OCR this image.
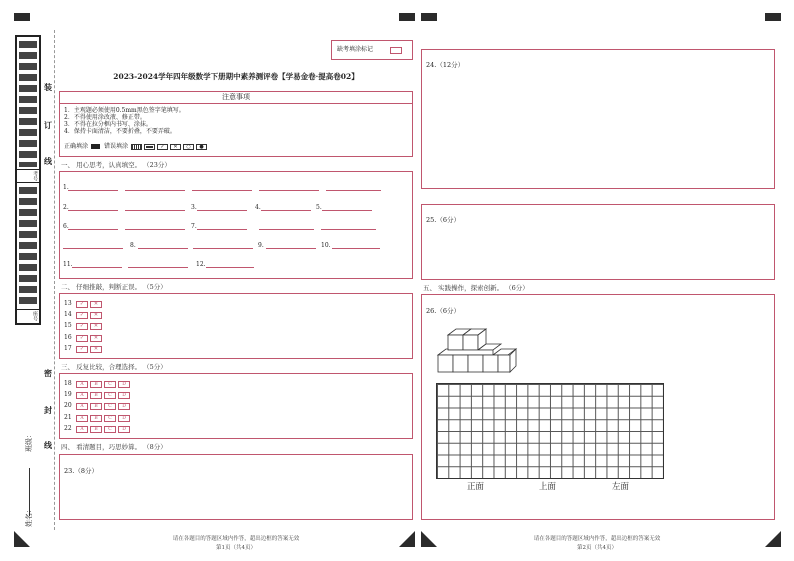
考号
座号
装
订
线
密
封
线
班级：
姓名：
缺考填涂标记
2023-2024学年四年级数学下册期中素养测评卷【学易金卷·提高卷02】
注意事项
1．主观题必须使用0.5mm黑色签字笔填写。
2．不得使用涂改液、修正带。
3．不得在拉分框内书写、涂抹。
4．保持卡面清洁，不要折叠，不要弄破。
正确填涂	错误填涂	✓	✕	○	●
一、 用心思考，认真填空。 （23分）
1.
2.	3.	4.	5.
6.	7.
8.	9.	10.
11.	12.
二、 仔细推敲，判断正误。 （5分）
13	✓	✕
14	✓	✕
15	✓	✕
16	✓	✕
17	✓	✕
三、 反复比较，合理选择。 （5分）
18	A	B	C	D
19	A	B	C	D
20	A	B	C	D
21	A	B	C	D
22	A	B	C	D
四、 看清题目，巧思妙算。 （8分）
23.（8分）
请在各题目的答题区域内作答，超出边框的答案无效
第1页（共4页）
24.（12分）
25.（6分）
五、 实践操作，探索创新。 （6分）
26.（6分）
正面	上面	左面
请在各题目的答题区域内作答，超出边框的答案无效
第2页（共4页）
